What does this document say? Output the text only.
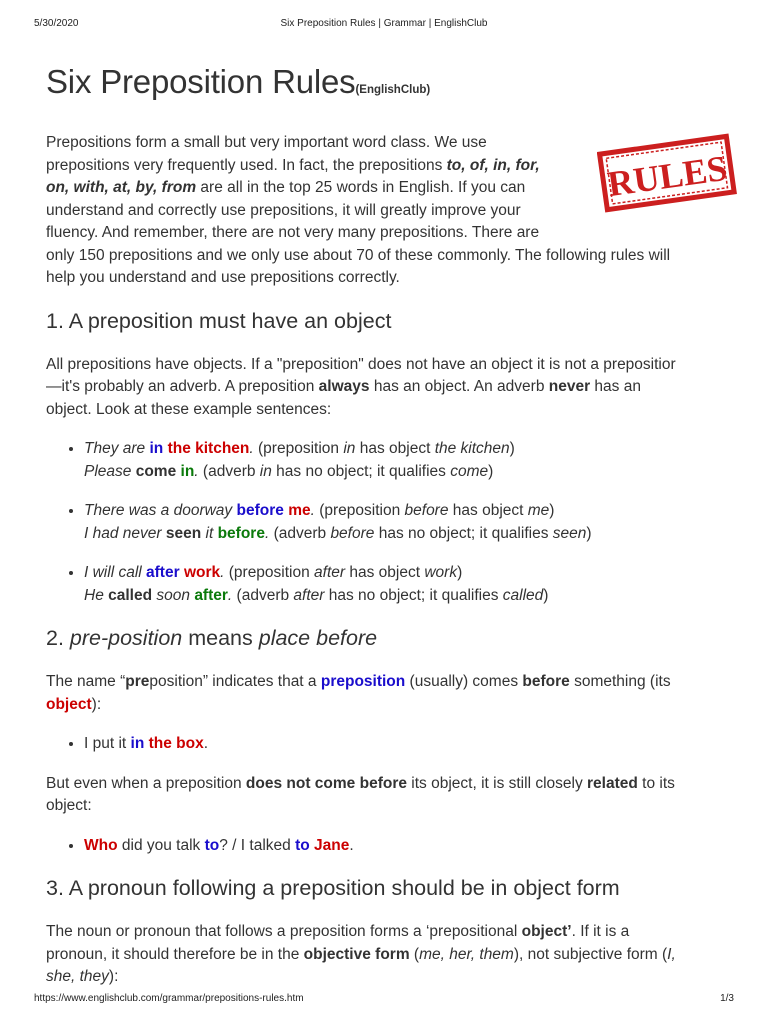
5/30/2020	Six Preposition Rules | Grammar | EnglishClub
RULES
Six Preposition Rules(EnglishClub)
Prepositions form a small but very important word class. We use
prepositions very frequently used. In fact, the prepositions to, of, in, for,
on, with, at, by, from are all in the top 25 words in English. If you can
understand and correctly use prepositions, it will greatly improve your
fluency. And remember, there are not very many prepositions. There are
only 150 prepositions and we only use about 70 of these commonly. The following rules will
help you understand and use prepositions correctly.
1. A preposition must have an object
All prepositions have objects. If a "preposition" does not have an object it is not a prepositior
—it's probably an adverb. A preposition always has an object. An adverb never has an
object. Look at these example sentences:
• They are in the kitchen. (preposition in has object the kitchen)
Please come in. (adverb in has no object; it qualifies come)
• There was a doorway before me. (preposition before has object me)
I had never seen it before. (adverb before has no object; it qualifies seen)
• I will call after work. (preposition after has object work)
He called soon after. (adverb after has no object; it qualifies called)
2. pre-position means place before
The name “preposition” indicates that a preposition (usually) comes before something (its
object):
• I put it in the box.
But even when a preposition does not come before its object, it is still closely related to its
object:
• Who did you talk to? / I talked to Jane.
3. A pronoun following a preposition should be in object form
The noun or pronoun that follows a preposition forms a ‘prepositional object’. If it is a
pronoun, it should therefore be in the objective form (me, her, them), not subjective form (I,
she, they):
https://www.englishclub.com/grammar/prepositions-rules.htm	1/3
